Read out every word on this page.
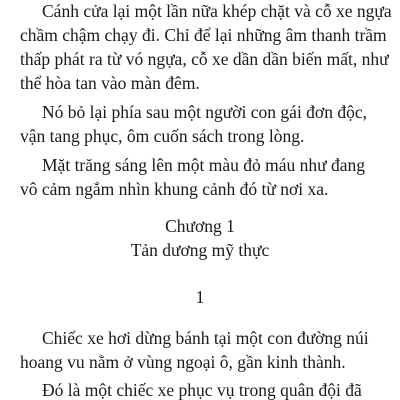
Cánh cửa lại một lần nữa khép chặt và cỗ xe ngựa

chầm chậm chạy đi. Chỉ để lại những âm thanh trầm

thấp phát ra từ vó ngựa, cỗ xe dần dần biến mất, như

thể hòa tan vào màn đêm.

Nó bỏ lại phía sau một người con gái đơn độc,

vận tang phục, ôm cuốn sách trong lòng.

Mặt trăng sáng lên một màu đỏ máu như đang

vô cảm ngắm nhìn khung cảnh đó từ nơi xa.

Chương 1

Tản dương mỹ thực

1

Chiếc xe hơi dừng bánh tại một con đường núi

hoang vu nằm ở vùng ngoại ô, gần kinh thành.

Đó là một chiếc xe phục vụ trong quân đội đã
